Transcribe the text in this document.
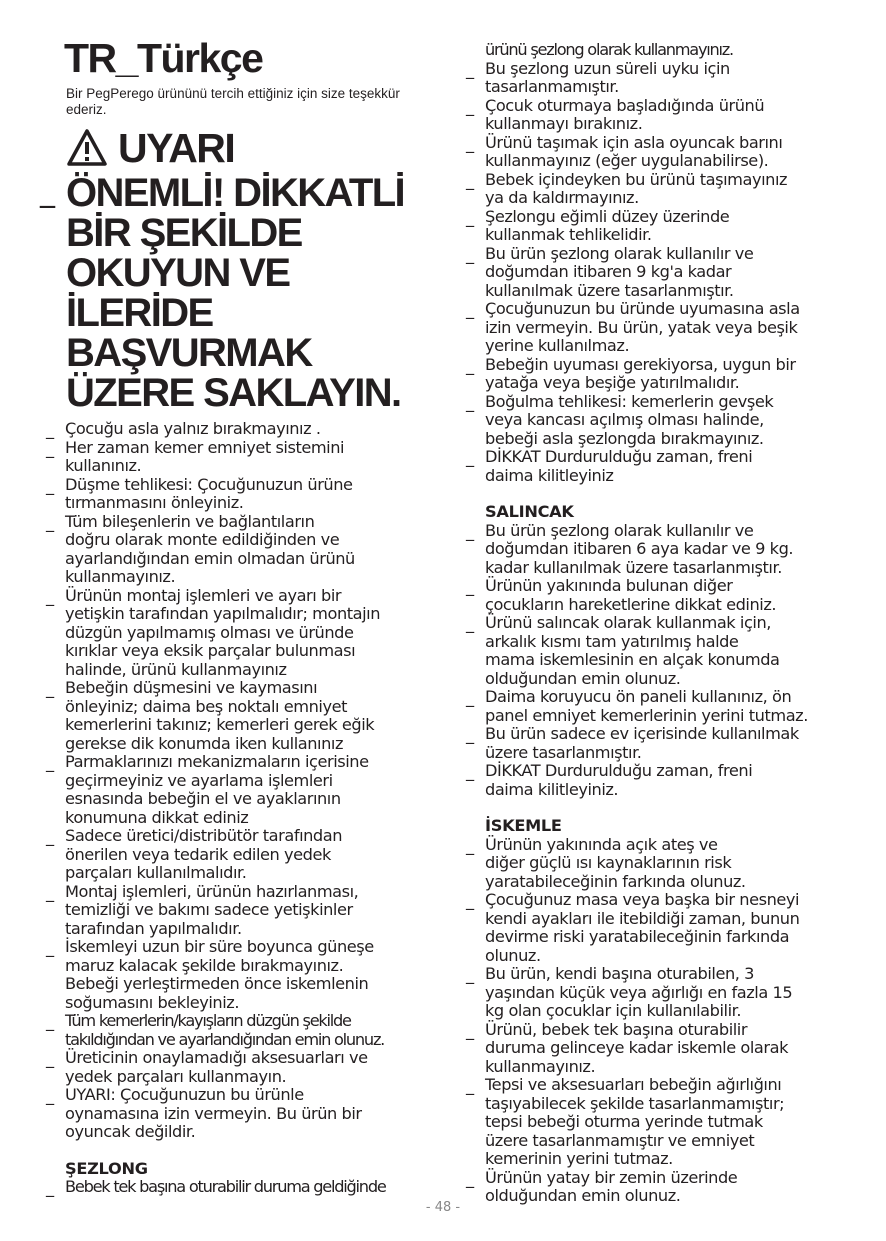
TR_Türkçe
Bir PegPerego ürününü tercih ettiğiniz için size teşekkür ederiz.
UYARI
_ ÖNEMLİ! DİKKATLİ BİR ŞEKİLDE OKUYUN VE İLERİDE BAŞVURMAK ÜZERE SAKLAYIN.
_ Çocuğu asla yalnız bırakmayınız .
_ Her zaman kemer emniyet sistemini
kullanınız.
_ Düşme tehlikesi: Çocuğunuzun ürüne
tırmanmasını önleyiniz.
_ Tüm bileşenlerin ve bağlantıların
doğru olarak monte edildiğinden ve
ayarlandığından emin olmadan ürünü
kullanmayınız.
_ Ürünün montaj işlemleri ve ayarı bir
yetişkin tarafından yapılmalıdır; montajın
düzgün yapılmamış olması ve üründe
kırıklar veya eksik parçalar bulunması
halinde, ürünü kullanmayınız
_ Bebeğin düşmesini ve kaymasını
önleyiniz; daima beş noktalı emniyet
kemerlerini takınız; kemerleri gerek eğik
gerekse dik konumda iken kullanınız
_ Parmaklarınızı mekanizmaların içerisine
geçirmeyiniz ve ayarlama işlemleri
esnasında bebeğin el ve ayaklarının
konumuna dikkat ediniz
_ Sadece üretici/distribütör tarafından
önerilen veya tedarik edilen yedek
parçaları kullanılmalıdır.
_ Montaj işlemleri, ürünün hazırlanması,
temizliği ve bakımı sadece yetişkinler
tarafından yapılmalıdır.
_ İskemleyi uzun bir süre boyunca güneşe
maruz kalacak şekilde bırakmayınız.
Bebeği yerleştirmeden önce iskemlenin
soğumasını bekleyiniz.
_ Tüm kemerlerin/kayışların düzgün şekilde
takıldığından ve ayarlandığından emin olunuz.
_ Üreticinin onaylamadığı aksesuarları ve
yedek parçaları kullanmayın.
_ UYARI: Çocuğunuzun bu ürünle
oynamasına izin vermeyin. Bu ürün bir
oyuncak değildir.
ŞEZLONG
_ Bebek tek başına oturabilir duruma geldiğinde
ürünü şezlong olarak kullanmayınız.
_ Bu şezlong uzun süreli uyku için
tasarlanmamıştır.
_ Çocuk oturmaya başladığında ürünü
kullanmayı bırakınız.
_ Ürünü taşımak için asla oyuncak barını
kullanmayınız (eğer uygulanabilirse).
_ Bebek içindeyken bu ürünü taşımayınız
ya da kaldırmayınız.
_ Şezlongu eğimli düzey üzerinde
kullanmak tehlikelidir.
_ Bu ürün şezlong olarak kullanılır ve
doğumdan itibaren 9 kg'a kadar
kullanılmak üzere tasarlanmıştır.
_ Çocuğunuzun bu üründe uyumasına asla
izin vermeyin. Bu ürün, yatak veya beşik
yerine kullanılmaz.
_ Bebeğin uyuması gerekiyorsa, uygun bir
yatağa veya beşiğe yatırılmalıdır.
_ Boğulma tehlikesi: kemerlerin gevşek
veya kancası açılmış olması halinde,
bebeği asla şezlongda bırakmayınız.
_ DİKKAT Durdurulduğu zaman, freni
daima kilitleyiniz
SALINCAK
_ Bu ürün şezlong olarak kullanılır ve
doğumdan itibaren 6 aya kadar ve 9 kg.
kadar kullanılmak üzere tasarlanmıştır.
_ Ürünün yakınında bulunan diğer
çocukların hareketlerine dikkat ediniz.
_ Ürünü salıncak olarak kullanmak için,
arkalık kısmı tam yatırılmış halde
mama iskemlesinin en alçak konumda
olduğundan emin olunuz.
_ Daima koruyucu ön paneli kullanınız, ön
panel emniyet kemerlerinin yerini tutmaz.
_ Bu ürün sadece ev içerisinde kullanılmak
üzere tasarlanmıştır.
_ DİKKAT Durdurulduğu zaman, freni
daima kilitleyiniz.
İSKEMLE
_ Ürünün yakınında açık ateş ve
diğer güçlü ısı kaynaklarının risk
yaratabileceğinin farkında olunuz.
_ Çocuğunuz masa veya başka bir nesneyi
kendi ayakları ile itebildiği zaman, bunun
devirme riski yaratabileceğinin farkında
olunuz.
_ Bu ürün, kendi başına oturabilen, 3
yaşından küçük veya ağırlığı en fazla 15
kg olan çocuklar için kullanılabilir.
_ Ürünü, bebek tek başına oturabilir
duruma gelinceye kadar iskemle olarak
kullanmayınız.
_ Tepsi ve aksesuarları bebeğin ağırlığını
taşıyabilecek şekilde tasarlanmamıştır;
tepsi bebeği oturma yerinde tutmak
üzere tasarlanmamıştır ve emniyet
kemerinin yerini tutmaz.
_ Ürünün yatay bir zemin üzerinde
olduğundan emin olunuz.
- 48 -
